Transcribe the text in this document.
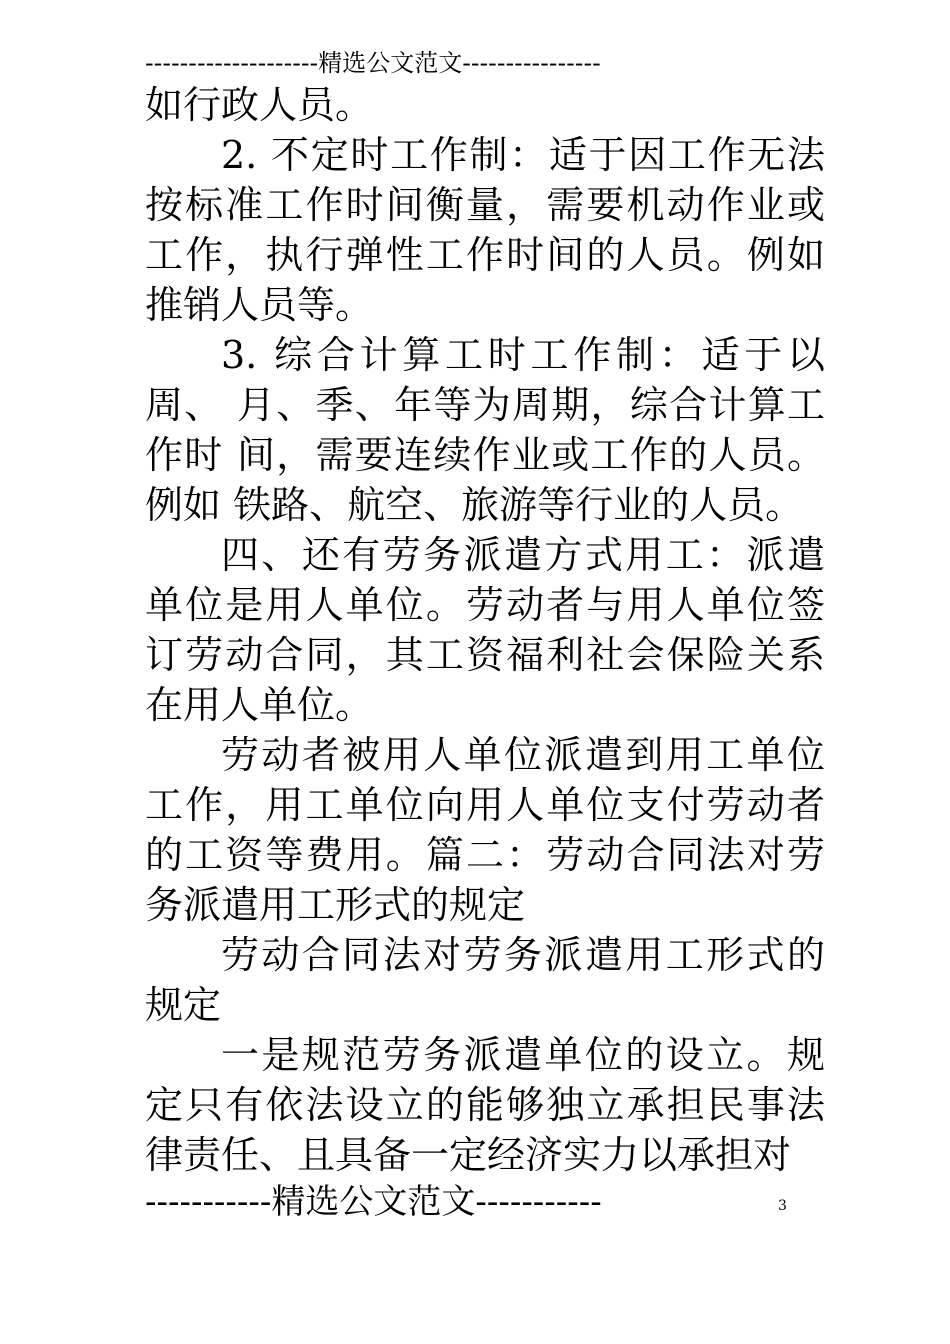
--------------------精选公文范文----------------

如行政人员。

2. 不定时工作制：适于因工作无法按标准工作时间衡量，需要机动作业或工作，执行弹性工作时间的人员。例如推销人员等。

3. 综合计算工时工作制：适于以周、 月、季、年等为周期，综合计算工作时 间，需要连续作业或工作的人员。例如 铁路、航空、旅游等行业的人员。

四、还有劳务派遣方式用工：派遣单位是用人单位。劳动者与用人单位签订劳动合同，其工资福利社会保险关系在用人单位。

劳动者被用人单位派遣到用工单位工作，用工单位向用人单位支付劳动者的工资等费用。篇二：劳动合同法对劳务派遣用工形式的规定

劳动合同法对劳务派遣用工形式的规定

一是规范劳务派遣单位的设立。规定只有依法设立的能够独立承担民事法律责任、且具备一定经济实力以承担对

-----------精选公文范文-----------	3
